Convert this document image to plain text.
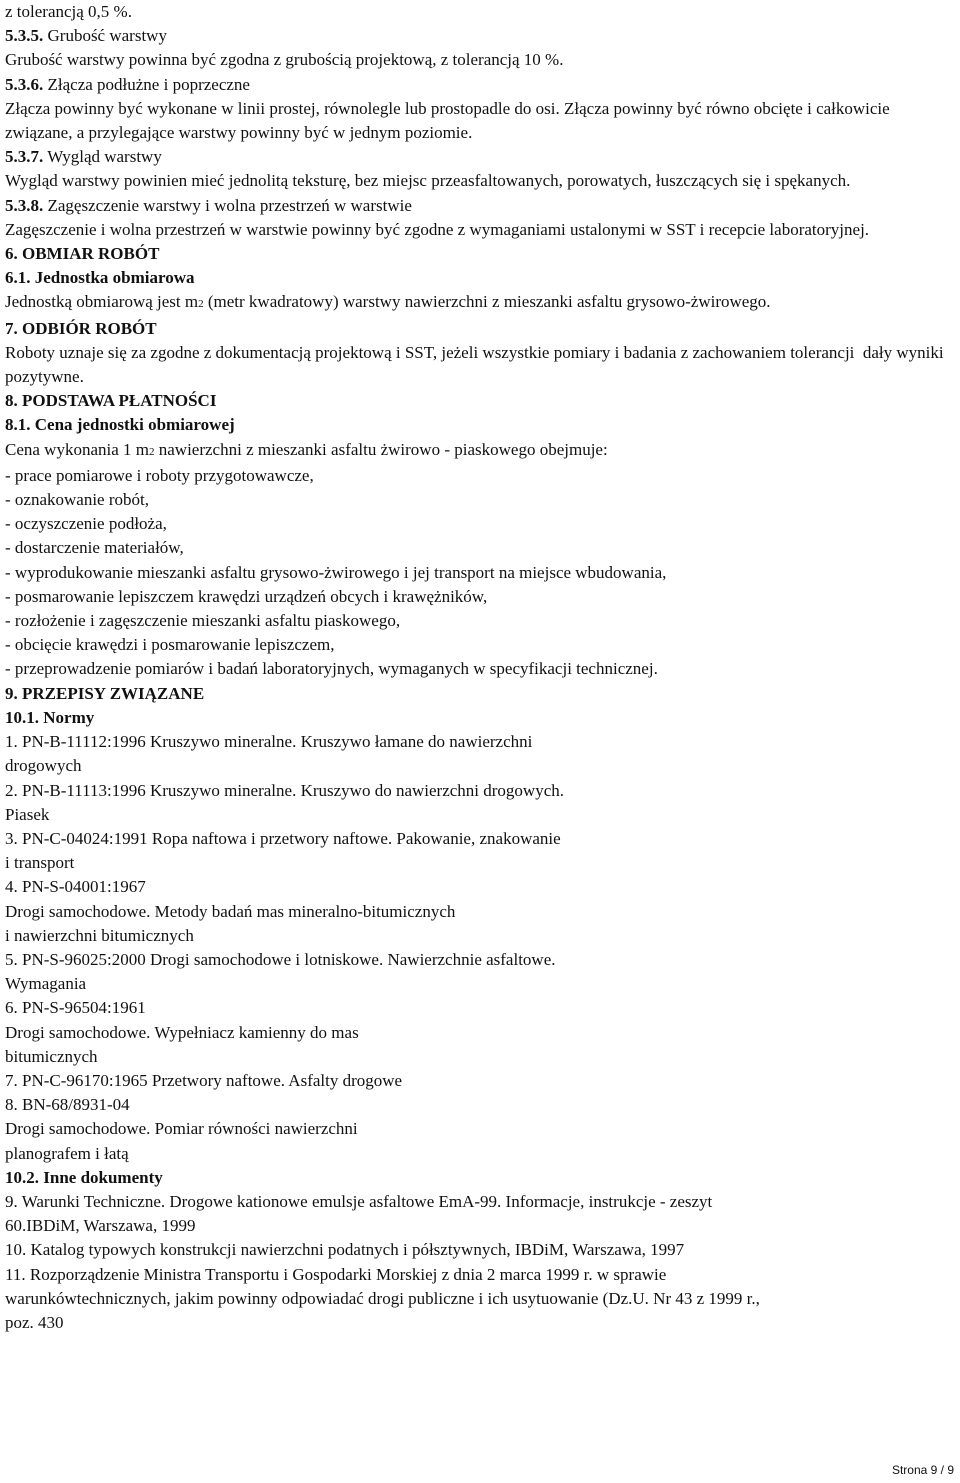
z tolerancją 0,5 %.

5.3.5. Grubość warstwy

Grubość warstwy powinna być zgodna z grubością projektową, z tolerancją 10 %.

5.3.6. Złącza podłużne i poprzeczne

Złącza powinny być wykonane w linii prostej, równolegle lub prostopadle do osi. Złącza powinny być równo obcięte i całkowicie związane, a przylegające warstwy powinny być w jednym poziomie.

5.3.7. Wygląd warstwy

Wygląd warstwy powinien mieć jednolitą teksturę, bez miejsc przeasfaltowanych, porowatych, łuszczących się i spękanych.

5.3.8. Zagęszczenie warstwy i wolna przestrzeń w warstwie

Zagęszczenie i wolna przestrzeń w warstwie powinny być zgodne z wymaganiami ustalonymi w SST i recepcie laboratoryjnej.

6. OBMIAR ROBÓT

6.1. Jednostka obmiarowa

Jednostką obmiarową jest m2 (metr kwadratowy) warstwy nawierzchni z mieszanki asfaltu grysowo-żwirowego.

7. ODBIÓR ROBÓT

Roboty uznaje się za zgodne z dokumentacją projektową i SST, jeżeli wszystkie pomiary i badania z zachowaniem tolerancji  dały wyniki pozytywne.

8. PODSTAWA PŁATNOŚCI

8.1. Cena jednostki obmiarowej

Cena wykonania 1 m2 nawierzchni z mieszanki asfaltu żwirowo - piaskowego obejmuje:

- prace pomiarowe i roboty przygotowawcze,

- oznakowanie robót,

- oczyszczenie podłoża,

- dostarczenie materiałów,

- wyprodukowanie mieszanki asfaltu grysowo-żwirowego i jej transport na miejsce wbudowania,

- posmarowanie lepiszczem krawędzi urządzeń obcych i krawężników,

- rozłożenie i zagęszczenie mieszanki asfaltu piaskowego,

- obcięcie krawędzi i posmarowanie lepiszczem,

- przeprowadzenie pomiarów i badań laboratoryjnych, wymaganych w specyfikacji technicznej.

9. PRZEPISY ZWIĄZANE

10.1. Normy

1. PN-B-11112:1996 Kruszywo mineralne. Kruszywo łamane do nawierzchni

drogowych

2. PN-B-11113:1996 Kruszywo mineralne. Kruszywo do nawierzchni drogowych.

Piasek

3. PN-C-04024:1991 Ropa naftowa i przetwory naftowe. Pakowanie, znakowanie

i transport

4. PN-S-04001:1967

Drogi samochodowe. Metody badań mas mineralno-bitumicznych

i nawierzchni bitumicznych

5. PN-S-96025:2000 Drogi samochodowe i lotniskowe. Nawierzchnie asfaltowe.

Wymagania

6. PN-S-96504:1961

Drogi samochodowe. Wypełniacz kamienny do mas

bitumicznych

7. PN-C-96170:1965 Przetwory naftowe. Asfalty drogowe

8. BN-68/8931-04

Drogi samochodowe. Pomiar równości nawierzchni

planografem i łatą

10.2. Inne dokumenty

9. Warunki Techniczne. Drogowe kationowe emulsje asfaltowe EmA-99. Informacje, instrukcje - zeszyt

60.IBDiM, Warszawa, 1999

10. Katalog typowych konstrukcji nawierzchni podatnych i półsztywnych, IBDiM, Warszawa, 1997

11. Rozporządzenie Ministra Transportu i Gospodarki Morskiej z dnia 2 marca 1999 r. w sprawie

warunkówtechnicznych, jakim powinny odpowiadać drogi publiczne i ich usytuowanie (Dz.U. Nr 43 z 1999 r.,

poz. 430

Strona 9 / 9
